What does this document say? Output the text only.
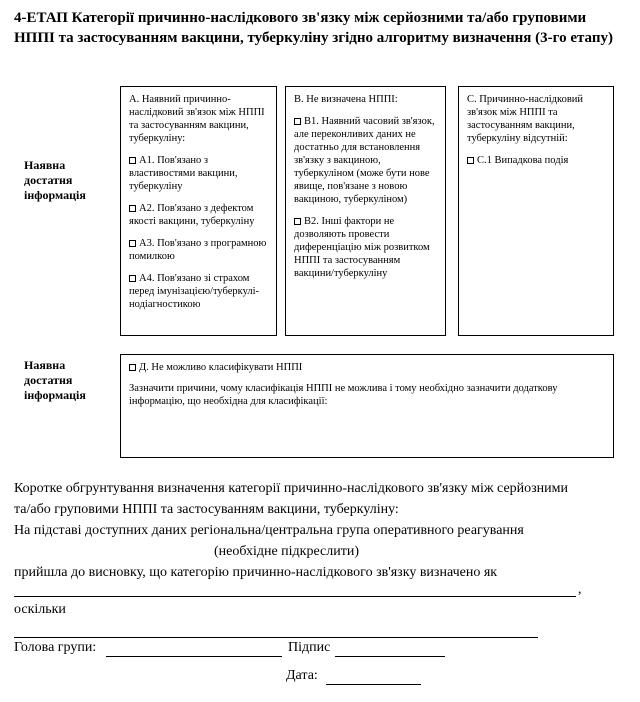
4-ЕТАП Категорії причинно-наслідкового зв'язку між серйозними та/або груповими
НППІ та застосуванням вакцини, туберкуліну згідно алгоритму визначення (3-го етапу)
Наявна
достатня
інформація

А. Наявний причинно-наслідковий зв'язок між НППІ та застосуванням вакцини, туберкуліну:

А1. Пов'язано з властивостями вакцини, туберкуліну

А2. Пов'язано з дефектом якості вакцини, туберкуліну

А3. Пов'язано з програмною помилкою

А4. Пов'язано зі страхом перед імунізацією/туберкулі-нодіагностикою

В. Не визначена НППІ:

В1. Наявний часовий зв'язок, але переконливих даних не достатньо для встановлення зв'язку з вакциною, туберкуліном (може бути нове явище, пов'язане з новою вакциною, туберкуліном)

В2. Інші фактори не дозволяють провести диференціацію між розвитком НППІ та застосуванням вакцини/туберкуліну

С. Причинно-наслідковий зв'язок між НППІ та застосуванням вакцини, туберкуліну відсутній:

С.1 Випадкова подія

Наявна
достатня
інформація

Д. Не можливо класифікувати НППІ

Зазначити причини, чому класифікація НППІ не можлива і тому необхідно зазначити додаткову інформацію, що необхідна для класифікації:

Коротке обгрунтування визначення категорії причинно-наслідкового зв'язку між серйозними
та/або груповими НППІ та застосуванням вакцини, туберкуліну:
На підставі доступних даних регіональна/центральна група оперативного реагування
(необхідне підкреслити)
прийшла до висновку, що категорію причинно-наслідкового зв'язку визначено як
,
оскільки
Голова групи:	Підпис
Дата:
